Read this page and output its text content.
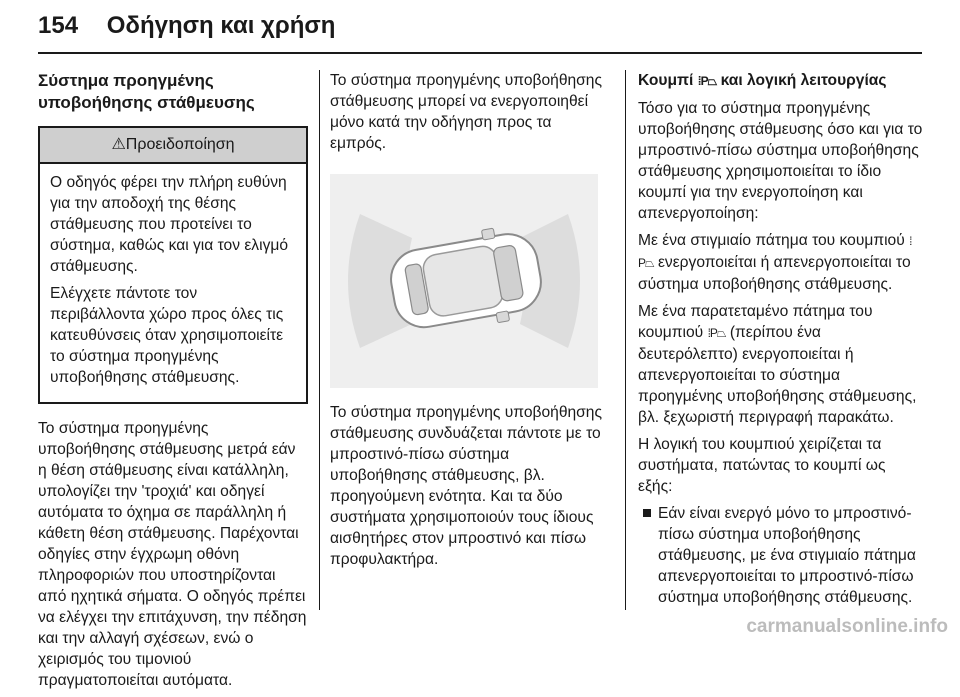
154 Οδήγηση και χρήση
Σύστημα προηγμένης υποβοήθησης στάθμευσης
⚠Προειδοποίηση

Ο οδηγός φέρει την πλήρη ευθύνη για την αποδοχή της θέσης στάθμευσης που προτείνει το σύστημα, καθώς και για τον ελιγμό στάθμευσης.

Ελέγχετε πάντοτε τον περιβάλλοντα χώρο προς όλες τις κατευθύνσεις όταν χρησιμοποιείτε το σύστημα προηγμένης υποβοήθησης στάθμευσης.

Το σύστημα προηγμένης υποβοήθησης στάθμευσης μετρά εάν η θέση στάθμευσης είναι κατάλληλη, υπολογίζει την 'τροχιά' και οδηγεί αυτόματα το όχημα σε παράλληλη ή κάθετη θέση στάθμευσης. Παρέχονται οδηγίες στην έγχρωμη οθόνη πληροφοριών που υποστηρίζονται από ηχητικά σήματα. Ο οδηγός πρέπει να ελέγχει την επιτάχυνση, την πέδηση και την αλλαγή σχέσεων, ενώ ο χειρισμός του τιμονιού πραγματοποιείται αυτόματα.

Το σύστημα προηγμένης υποβοήθησης στάθμευσης μπορεί να ενεργοποιηθεί μόνο κατά την οδήγηση προς τα εμπρός.

Το σύστημα προηγμένης υποβοήθησης στάθμευσης συνδυάζεται πάντοτε με το μπροστινό-πίσω σύστημα υποβοήθησης στάθμευσης, βλ. προηγούμενη ενότητα. Και τα δύο συστήματα χρησιμοποιούν τους ίδιους αισθητήρες στον μπροστινό και πίσω προφυλακτήρα.

Κουμπί ⁞P⏢ και λογική λειτουργίας

Τόσο για το σύστημα προηγμένης υποβοήθησης στάθμευσης όσο και για το μπροστινό-πίσω σύστημα υποβοήθησης στάθμευσης χρησιμοποιείται το ίδιο κουμπί για την ενεργοποίηση και απενεργοποίηση:

Με ένα στιγμιαίο πάτημα του κουμπιού ⁞P⏢ ενεργοποιείται ή απενεργοποιείται το σύστημα υποβοήθησης στάθμευσης.

Με ένα παρατεταμένο πάτημα του κουμπιού ⁞P⏢ (περίπου ένα δευτερόλεπτο) ενεργοποιείται ή απενεργοποιείται το σύστημα προηγμένης υποβοήθησης στάθμευσης, βλ. ξεχωριστή περιγραφή παρακάτω.

Η λογική του κουμπιού χειρίζεται τα συστήματα, πατώντας το κουμπί ως εξής:

Εάν είναι ενεργό μόνο το μπροστινό-πίσω σύστημα υποβοήθησης στάθμευσης, με ένα στιγμιαίο πάτημα απενεργοποιείται το μπροστινό-πίσω σύστημα υποβοήθησης στάθμευσης.
carmanualsonline.info
